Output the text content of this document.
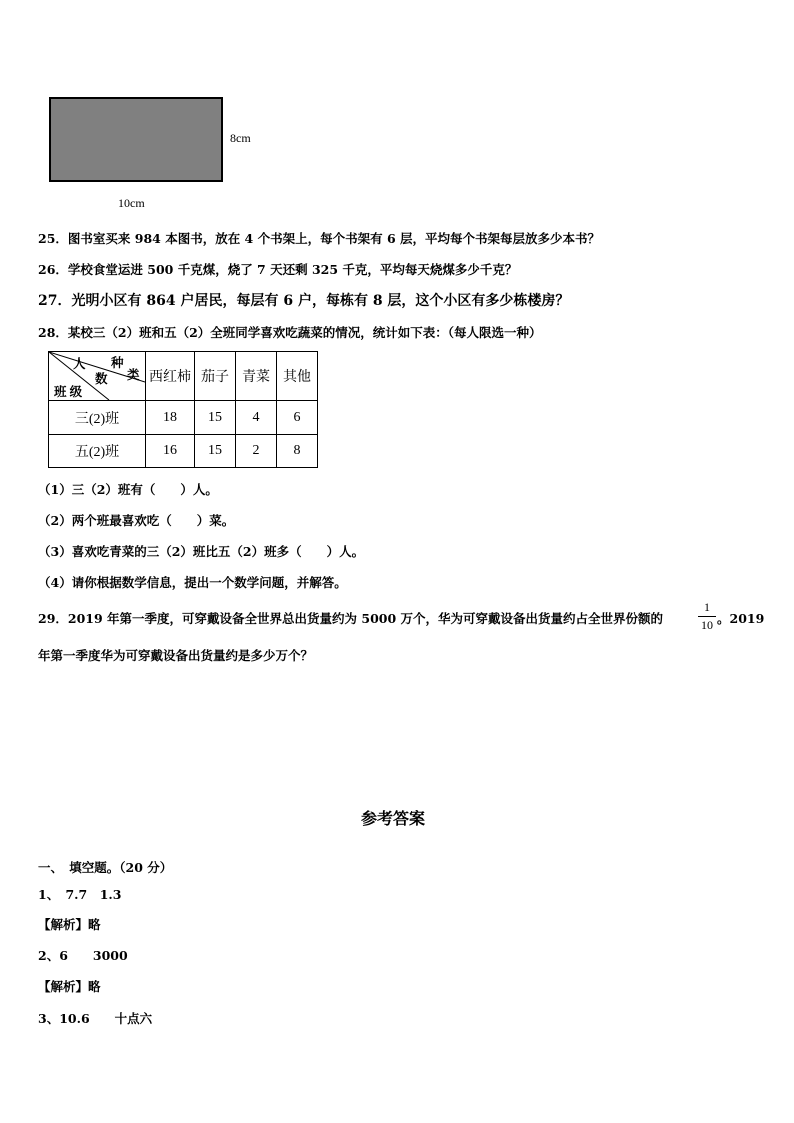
8cm
10cm
25．图书室买来 984 本图书，放在 4 个书架上，每个书架有 6 层，平均每个书架每层放多少本书？
26．学校食堂运进 500 千克煤，烧了 7 天还剩 325 千克，平均每天烧煤多少千克？
27．光明小区有 864 户居民，每层有 6 户，每栋有 8 层，这个小区有多少栋楼房？
28．某校三（2）班和五（2）全班同学喜欢吃蔬菜的情况，统计如下表：（每人限选一种）
人 种
数 类
班 级	西红柿	茄子	青菜	其他
三(2)班	18	15	4	6
五(2)班	16	15	2	8
（1）三（2）班有（　　）人。
（2）两个班最喜欢吃（　　）菜。
（3）喜欢吃青菜的三（2）班比五（2）班多（　　）人。
（4）请你根据数学信息，提出一个数学问题，并解答。
29．2019 年第一季度，可穿戴设备全世界总出货量约为 5000 万个，华为可穿戴设备出货量约占全世界份额的
1
10 。2019
年第一季度华为可穿戴设备出货量约是多少万个？
参考答案
一、　填空题。（20 分）
1、　7.7　1.3
【解析】略
2、6　　3000
【解析】略
3、10.6　　十点六
